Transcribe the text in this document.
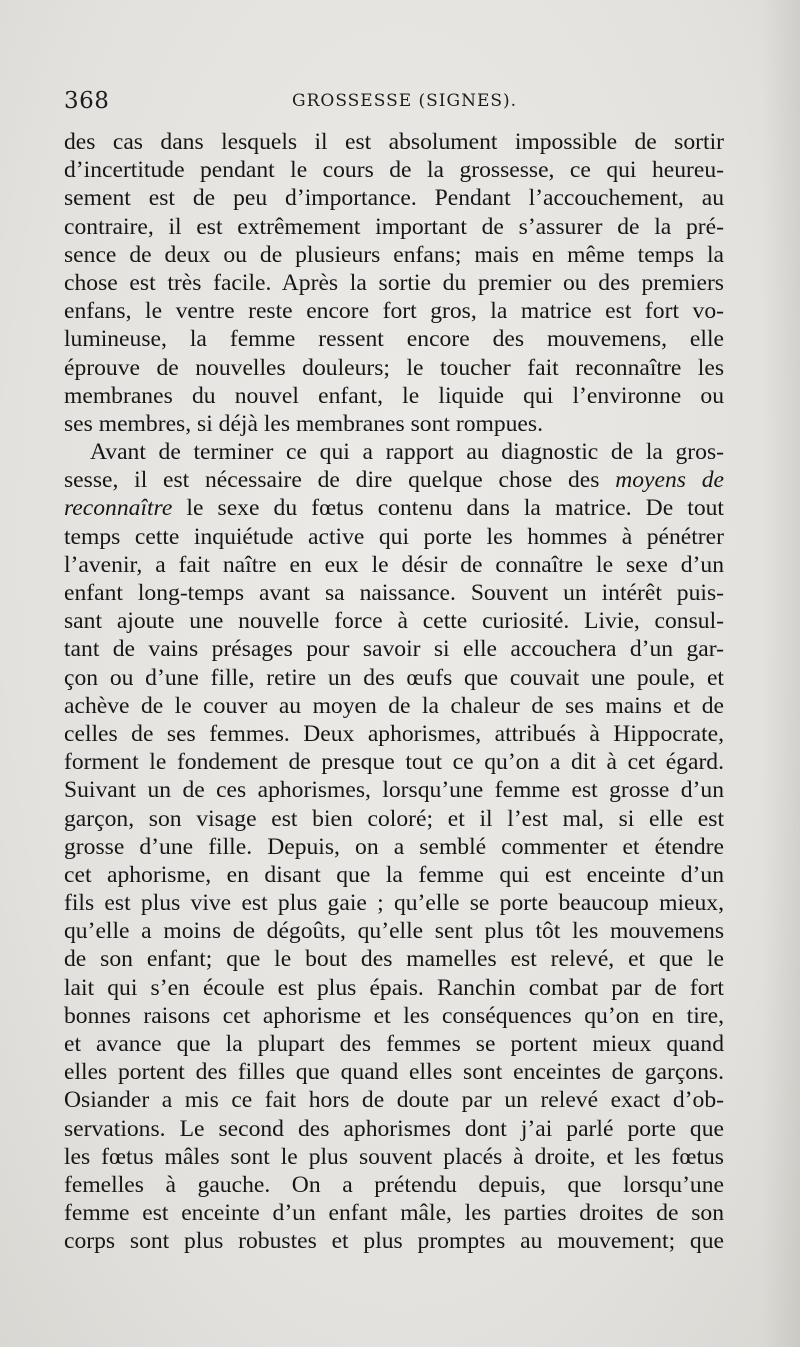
368	GROSSESSE (SIGNES).
des cas dans lesquels il est absolument impossible de sortir
d’incertitude pendant le cours de la grossesse, ce qui heureu-
sement est de peu d’importance. Pendant l’accouchement, au
contraire, il est extrêmement important de s’assurer de la pré-
sence de deux ou de plusieurs enfans; mais en même temps la
chose est très facile. Après la sortie du premier ou des premiers
enfans, le ventre reste encore fort gros, la matrice est fort vo-
lumineuse, la femme ressent encore des mouvemens, elle
éprouve de nouvelles douleurs; le toucher fait reconnaître les
membranes du nouvel enfant, le liquide qui l’environne ou
ses membres, si déjà les membranes sont rompues.
Avant de terminer ce qui a rapport au diagnostic de la gros-
sesse, il est nécessaire de dire quelque chose des moyens de
reconnaître le sexe du fœtus contenu dans la matrice. De tout
temps cette inquiétude active qui porte les hommes à pénétrer
l’avenir, a fait naître en eux le désir de connaître le sexe d’un
enfant long-temps avant sa naissance. Souvent un intérêt puis-
sant ajoute une nouvelle force à cette curiosité. Livie, consul-
tant de vains présages pour savoir si elle accouchera d’un gar-
çon ou d’une fille, retire un des œufs que couvait une poule, et
achève de le couver au moyen de la chaleur de ses mains et de
celles de ses femmes. Deux aphorismes, attribués à Hippocrate,
forment le fondement de presque tout ce qu’on a dit à cet égard.
Suivant un de ces aphorismes, lorsqu’une femme est grosse d’un
garçon, son visage est bien coloré; et il l’est mal, si elle est
grosse d’une fille. Depuis, on a semblé commenter et étendre
cet aphorisme, en disant que la femme qui est enceinte d’un
fils est plus vive est plus gaie ; qu’elle se porte beaucoup mieux,
qu’elle a moins de dégoûts, qu’elle sent plus tôt les mouvemens
de son enfant; que le bout des mamelles est relevé, et que le
lait qui s’en écoule est plus épais. Ranchin combat par de fort
bonnes raisons cet aphorisme et les conséquences qu’on en tire,
et avance que la plupart des femmes se portent mieux quand
elles portent des filles que quand elles sont enceintes de garçons.
Osiander a mis ce fait hors de doute par un relevé exact d’ob-
servations. Le second des aphorismes dont j’ai parlé porte que
les fœtus mâles sont le plus souvent placés à droite, et les fœtus
femelles à gauche. On a prétendu depuis, que lorsqu’une
femme est enceinte d’un enfant mâle, les parties droites de son
corps sont plus robustes et plus promptes au mouvement; que
